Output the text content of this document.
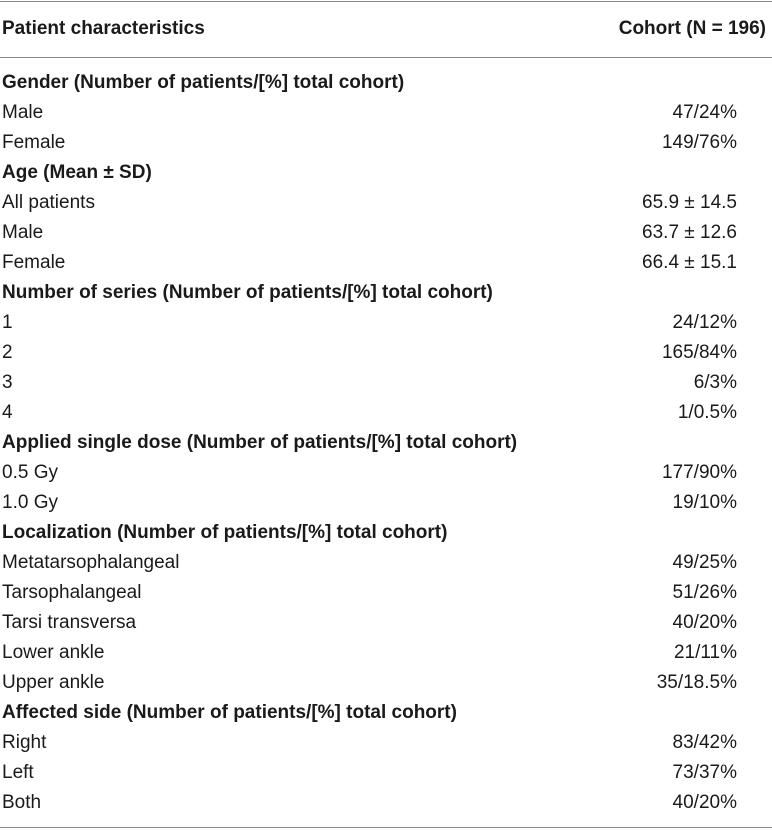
Patient characteristics	Cohort (N = 196)
Gender (Number of patients/[%] total cohort)
Male	47/24%
Female	149/76%
Age (Mean ± SD)
All patients	65.9 ± 14.5
Male	63.7 ± 12.6
Female	66.4 ± 15.1
Number of series (Number of patients/[%] total cohort)
1	24/12%
2	165/84%
3	6/3%
4	1/0.5%
Applied single dose (Number of patients/[%] total cohort)
0.5 Gy	177/90%
1.0 Gy	19/10%
Localization (Number of patients/[%] total cohort)
Metatarsophalangeal	49/25%
Tarsophalangeal	51/26%
Tarsi transversa	40/20%
Lower ankle	21/11%
Upper ankle	35/18.5%
Affected side (Number of patients/[%] total cohort)
Right	83/42%
Left	73/37%
Both	40/20%
